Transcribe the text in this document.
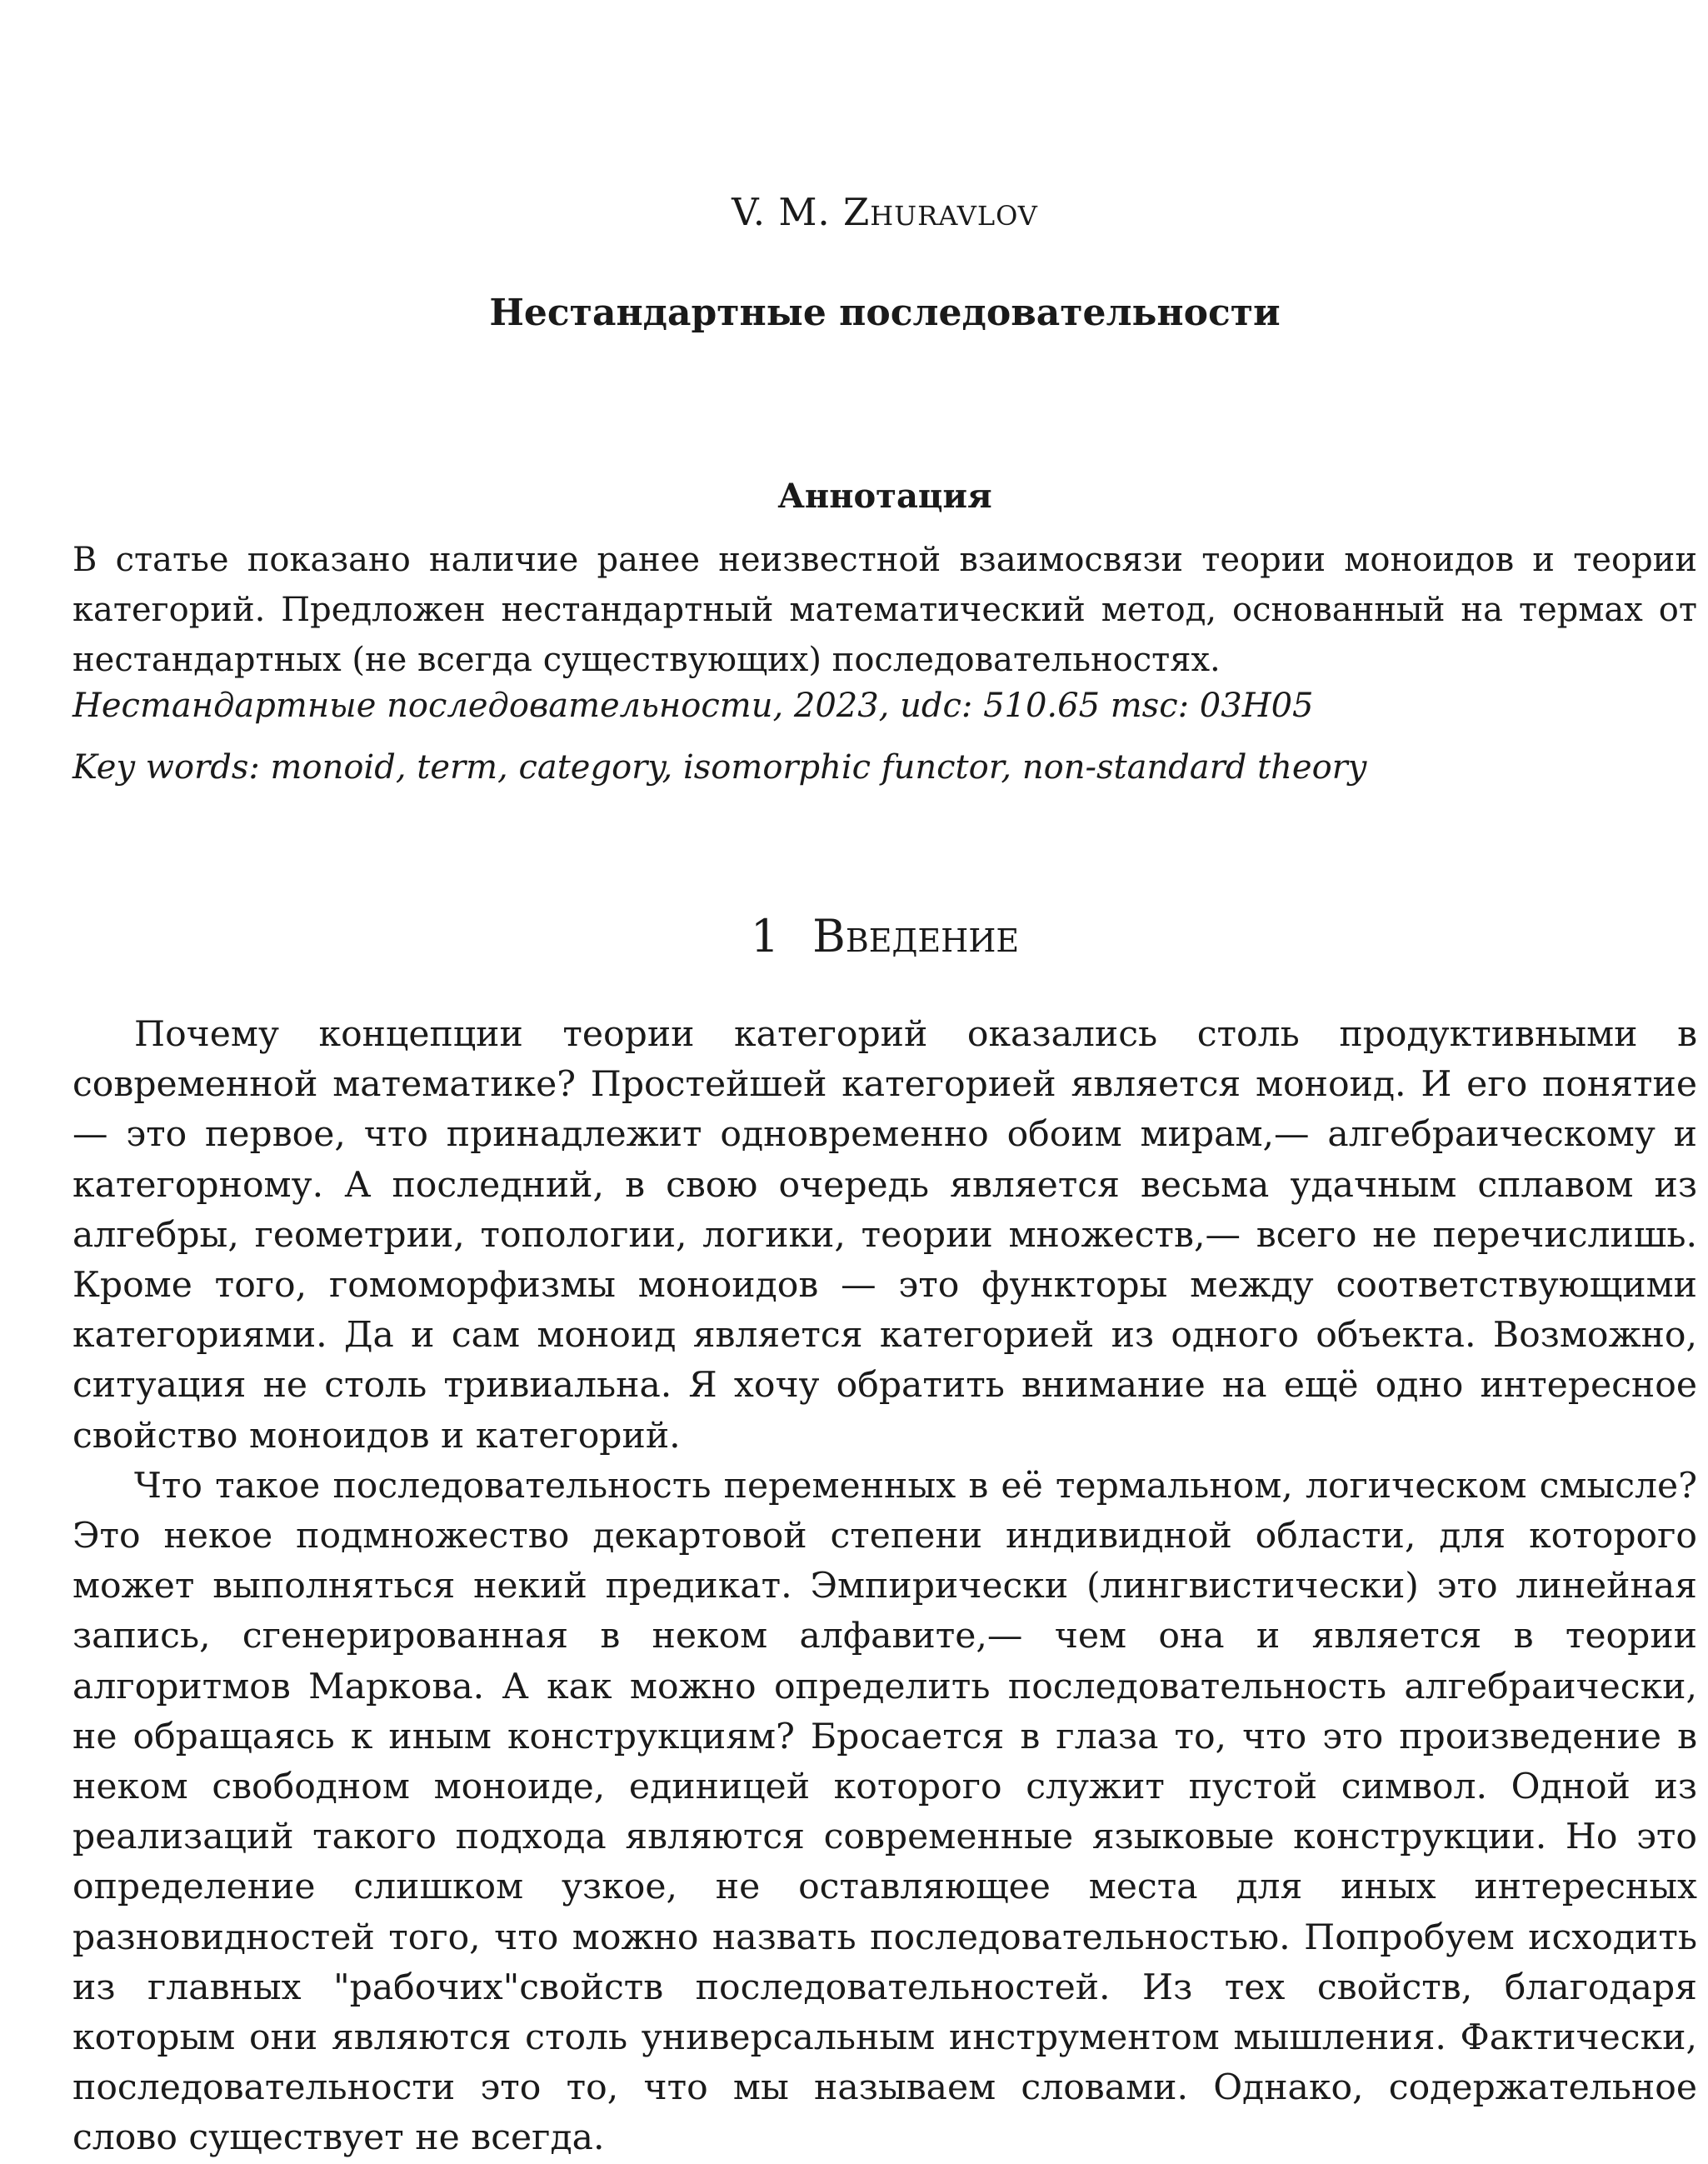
V. M. Zhuravlov
Нестандартные последовательности
Аннотация
В статье показано наличие ранее неизвестной взаимосвязи теории моноидов и теории категорий. Предложен нестандартный математический метод, основанный на термах от нестандартных (не всегда существующих) последовательностях.
Нестандартные последовательности, 2023, udc: 510.65 msc: 03H05
Key words: monoid, term, category, isomorphic functor, non-standard theory
1 Введение

Почему концепции теории категорий оказались столь продуктивными в современной математике? Простейшей категорией является моноид. И его понятие — это первое, что принадлежит одновременно обоим мирам,— алгебраическому и категорному. А последний, в свою очередь является весьма удачным сплавом из алгебры, геометрии, топологии, логики, теории множеств,— всего не перечислишь. Кроме того, гомоморфизмы моноидов — это функторы между соответствующими категориями. Да и сам моноид является категорией из одного объекта. Возможно, ситуация не столь тривиальна. Я хочу обратить внимание на ещё одно интересное свойство моноидов и категорий.

Что такое последовательность переменных в её термальном, логическом смысле? Это некое подмножество декартовой степени индивидной области, для которого может выполняться некий предикат. Эмпирически (лингвистически) это линейная запись, сгенерированная в неком алфавите,— чем она и является в теории алгоритмов Маркова. А как можно определить последовательность алгебраически, не обращаясь к иным конструкциям? Бросается в глаза то, что это произведение в неком свободном моноиде, единицей которого служит пустой символ. Одной из реализаций такого подхода являются современные языковые конструкции. Но это определение слишком узкое, не оставляющее места для иных интересных разновидностей того, что можно назвать последовательностью. Попробуем исходить из главных "рабочих"свойств последовательностей. Из тех свойств, благодаря которым они являются столь универсальным инструментом мышления. Фактически, последовательности это то, что мы называем словами. Однако, содержательное слово существует не всегда.
